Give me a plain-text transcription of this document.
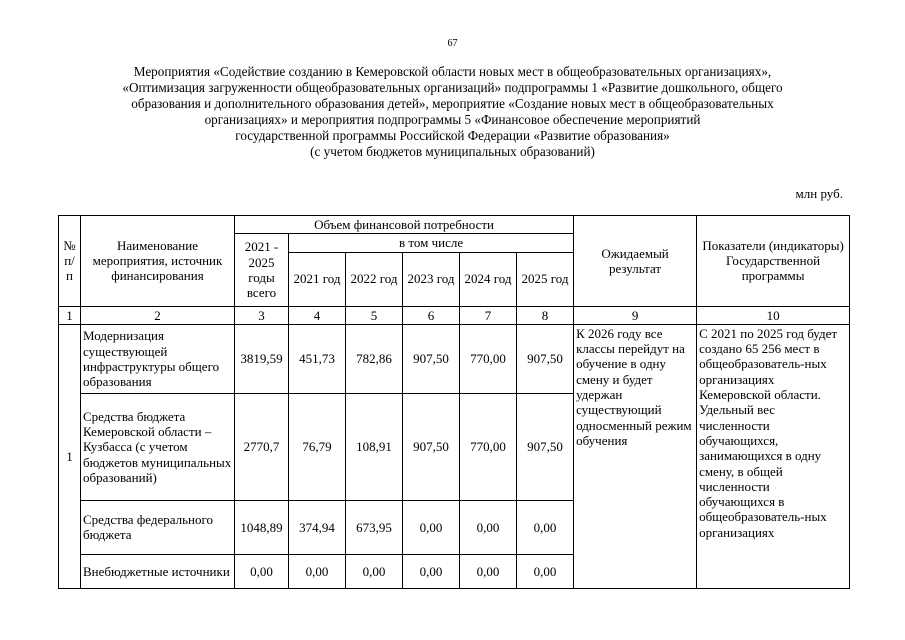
67
Мероприятия «Содействие созданию в Кемеровской области новых мест в общеобразовательных организациях»,
«Оптимизация загруженности общеобразовательных организаций» подпрограммы 1 «Развитие дошкольного, общего
образования и дополнительного образования детей», мероприятие «Создание новых мест в общеобразовательных
организациях» и мероприятия подпрограммы 5 «Финансовое обеспечение мероприятий
государственной программы Российской Федерации «Развитие образования»
(с учетом бюджетов муниципальных образований)
млн руб.
№ п/п	Наименование мероприятия, источник финансирования	Объем финансовой потребности						Ожидаемый результат	Показатели (индикаторы) Государственной программы
		2021 - 2025 годы всего	в том числе						
			2021 год	2022 год	2023 год	2024 год	2025 год		
1	2	3	4	5	6	7	8	9	10
1	Модернизация существующей инфраструктуры общего образования	3819,59	451,73	782,86	907,50	770,00	907,50	К 2026 году все классы перейдут на обучение в одну смену и будет удержан существующий односменный режим обучения	С 2021 по 2025 год будет создано 65 256 мест в общеобразователь-ных организациях Кемеровской области. Удельный вес численности обучающихся, занимающихся в одну смену, в общей численности обучающихся в общеобразователь-ных организациях
	Средства бюджета Кемеровской области – Кузбасса (с учетом бюджетов муниципальных образований)	2770,7	76,79	108,91	907,50	770,00	907,50		
	Средства федерального бюджета	1048,89	374,94	673,95	0,00	0,00	0,00		
	Внебюджетные источники	0,00	0,00	0,00	0,00	0,00	0,00		
